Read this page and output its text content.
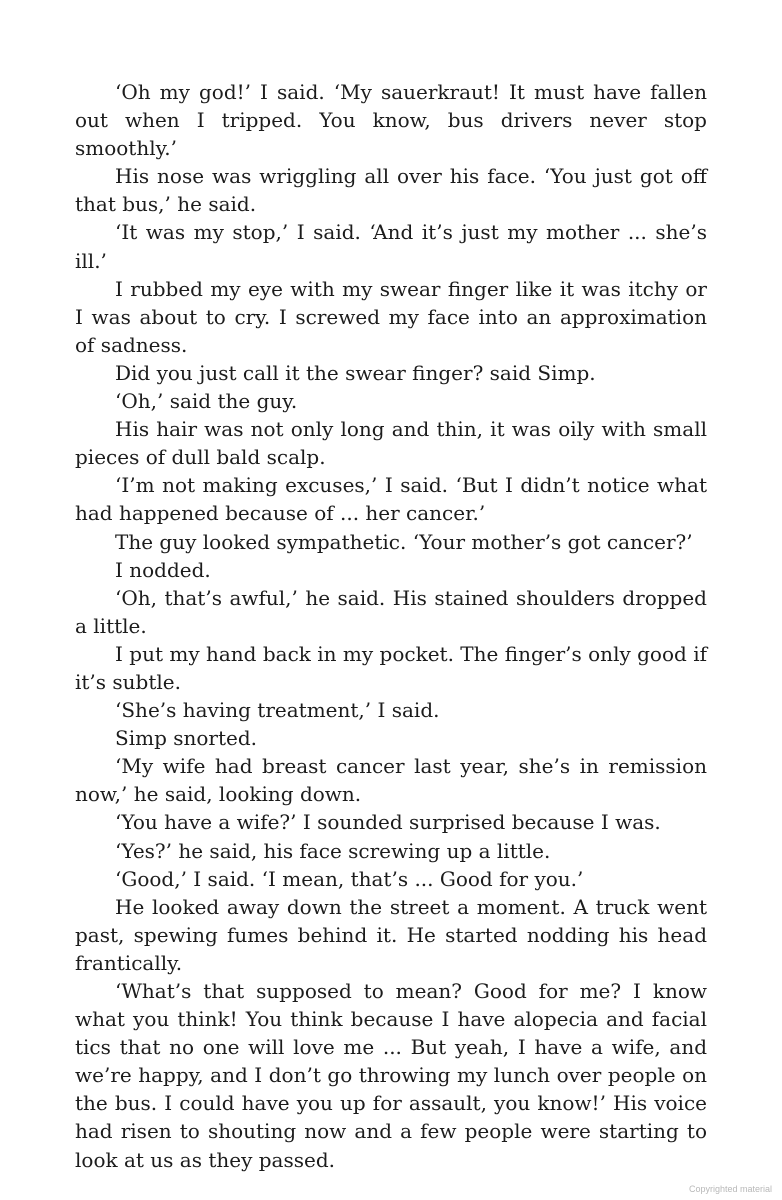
‘Oh my god!’ I said. ‘My sauerkraut! It must have fallen out when I tripped. You know, bus drivers never stop smoothly.’

His nose was wriggling all over his face. ‘You just got off that bus,’ he said.

‘It was my stop,’ I said. ‘And it’s just my mother ... she’s ill.’

I rubbed my eye with my swear finger like it was itchy or I was about to cry. I screwed my face into an approximation of sadness.

Did you just call it the swear finger? said Simp.

‘Oh,’ said the guy.

His hair was not only long and thin, it was oily with small pieces of dull bald scalp.

‘I’m not making excuses,’ I said. ‘But I didn’t notice what had happened because of ... her cancer.’

The guy looked sympathetic. ‘Your mother’s got cancer?’

I nodded.

‘Oh, that’s awful,’ he said. His stained shoulders dropped a little.

I put my hand back in my pocket. The finger’s only good if it’s subtle.

‘She’s having treatment,’ I said.

Simp snorted.

‘My wife had breast cancer last year, she’s in remission now,’ he said, looking down.

‘You have a wife?’ I sounded surprised because I was.

‘Yes?’ he said, his face screwing up a little.

‘Good,’ I said. ‘I mean, that’s ... Good for you.’

He looked away down the street a moment. A truck went past, spewing fumes behind it. He started nodding his head frantically.

‘What’s that supposed to mean? Good for me? I know what you think! You think because I have alopecia and facial tics that no one will love me ... But yeah, I have a wife, and we’re happy, and I don’t go throwing my lunch over people on the bus. I could have you up for assault, you know!’ His voice had risen to shouting now and a few people were starting to look at us as they passed.

Copyrighted material
